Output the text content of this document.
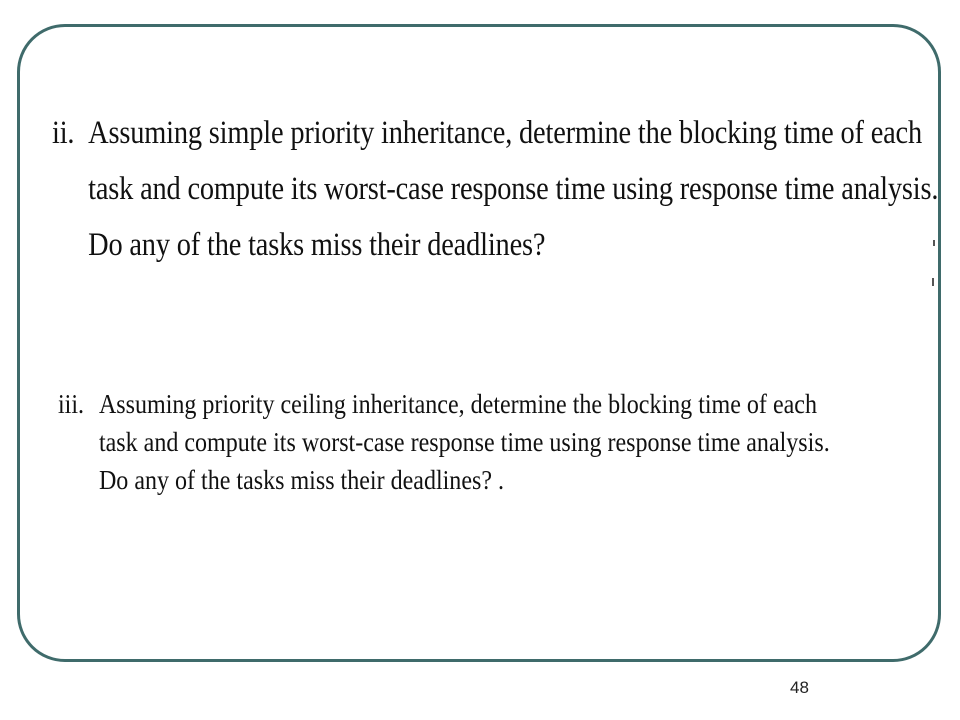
ii. Assuming simple priority inheritance, determine the blocking time of each
task and compute its worst-case response time using response time analysis.
Do any of the tasks miss their deadlines?
iii. Assuming priority ceiling inheritance, determine the blocking time of each
task and compute its worst-case response time using response time analysis.
Do any of the tasks miss their deadlines? .
48
